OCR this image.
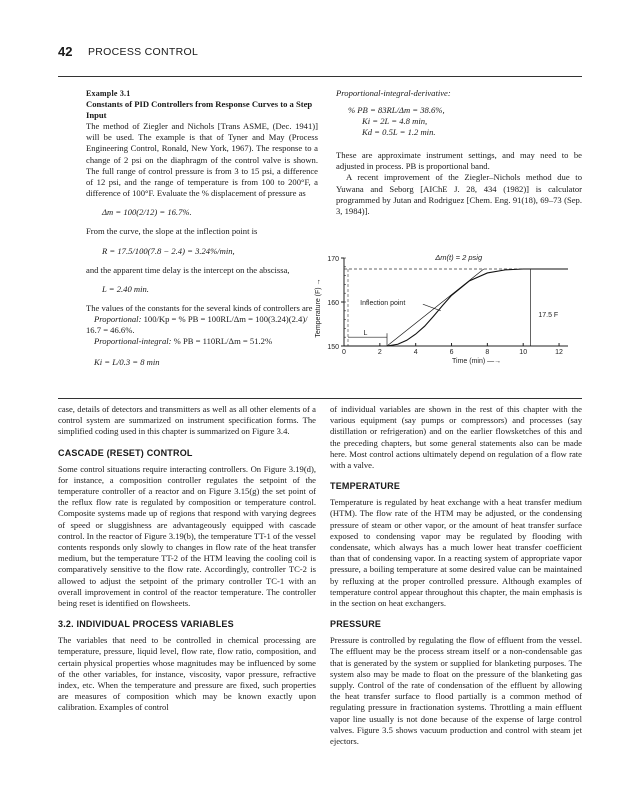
42 PROCESS CONTROL
Example 3.1
Constants of PID Controllers from Response Curves to a Step Input

The method of Ziegler and Nichols [Trans ASME, (Dec. 1941)] will be used. The example is that of Tyner and May (Process Engineering Control, Ronald, New York, 1967). The response to a change of 2 psi on the diaphragm of the control valve is shown. The full range of control pressure is from 3 to 15 psi, a difference of 12 psi, and the range of temperature is from 100 to 200°F, a difference of 100°F. Evaluate the % displacement of pressure as

Δm = 100(2/12) = 16.7%.

From the curve, the slope at the inflection point is

R = 17.5/100(7.8 − 2.4) = 3.24%/min,

and the apparent time delay is the intercept on the abscissa,

L = 2.40 min.

The values of the constants for the several kinds of controllers are

Proportional: 100/Kp = % PB = 100RL/Δm = 100(3.24)(2.4)/
16.7 = 46.6%.
Proportional-integral: % PB = 110RL/Δm = 51.2%
Ki = L/0.3 = 8 min
Proportional-integral-derivative:
% PB = 83RL/Δm = 38.6%,
Ki = 2L = 4.8 min,
Kd = 0.5L = 1.2 min.

These are approximate instrument settings, and may need to be adjusted in process. PB is proportional band.

A recent improvement of the Ziegler–Nichols method due to Yuwana and Seborg [AIChE J. 28, 434 (1982)] is calculator programmed by Jutan and Rodriguez [Chem. Eng. 91(18), 69–73 (Sep. 3, 1984)].

150
160
170
0	2	4	6	8	10	12
17.5 F
L
Inflection point
Δm(t) = 2 psig
Time (min) —→
Temperature (F) →

case, details of detectors and transmitters as well as all other elements of a control system are summarized on instrument specification forms. The simplified coding used in this chapter is summarized on Figure 3.4.

CASCADE (RESET) CONTROL

Some control situations require interacting controllers. On Figure 3.19(d), for instance, a composition controller regulates the setpoint of the temperature controller of a reactor and on Figure 3.15(g) the set point of the reflux flow rate is regulated by composition or temperature control. Composite systems made up of regions that respond with varying degrees of speed or sluggishness are advantageously equipped with cascade control. In the reactor of Figure 3.19(b), the temperature TT-1 of the vessel contents responds only slowly to changes in flow rate of the heat transfer medium, but the temperature TT-2 of the HTM leaving the cooling coil is comparatively sensitive to the flow rate. Accordingly, controller TC-2 is allowed to adjust the setpoint of the primary controller TC-1 with an overall improvement in control of the reactor temperature. The controller being reset is identified on flowsheets.

3.2. INDIVIDUAL PROCESS VARIABLES

The variables that need to be controlled in chemical processing are temperature, pressure, liquid level, flow rate, flow ratio, composition, and certain physical properties whose magnitudes may be influenced by some of the other variables, for instance, viscosity, vapor pressure, refractive index, etc. When the temperature and pressure are fixed, such properties are measures of composition which may be known exactly upon calibration. Examples of control

of individual variables are shown in the rest of this chapter with the various equipment (say pumps or compressors) and processes (say distillation or refrigeration) and on the earlier flowsketches of this and the preceding chapters, but some general statements also can be made here. Most control actions ultimately depend on regulation of a flow rate with a valve.

TEMPERATURE

Temperature is regulated by heat exchange with a heat transfer medium (HTM). The flow rate of the HTM may be adjusted, or the condensing pressure of steam or other vapor, or the amount of heat transfer surface exposed to condensing vapor may be regulated by flooding with condensate, which always has a much lower heat transfer coefficient than that of condensing vapor. In a reacting system of appropriate vapor pressure, a boiling temperature at some desired value can be maintained by refluxing at the proper controlled pressure. Although examples of temperature control appear throughout this chapter, the main emphasis is in the section on heat exchangers.

PRESSURE

Pressure is controlled by regulating the flow of effluent from the vessel. The effluent may be the process stream itself or a non-condensable gas that is generated by the system or supplied for blanketing purposes. The system also may be made to float on the pressure of the blanketing gas supply. Control of the rate of condensation of the effluent by allowing the heat transfer surface to flood partially is a common method of regulating pressure in fractionation systems. Throttling a main effluent vapor line usually is not done because of the expense of large control valves. Figure 3.5 shows vacuum production and control with steam jet ejectors.
